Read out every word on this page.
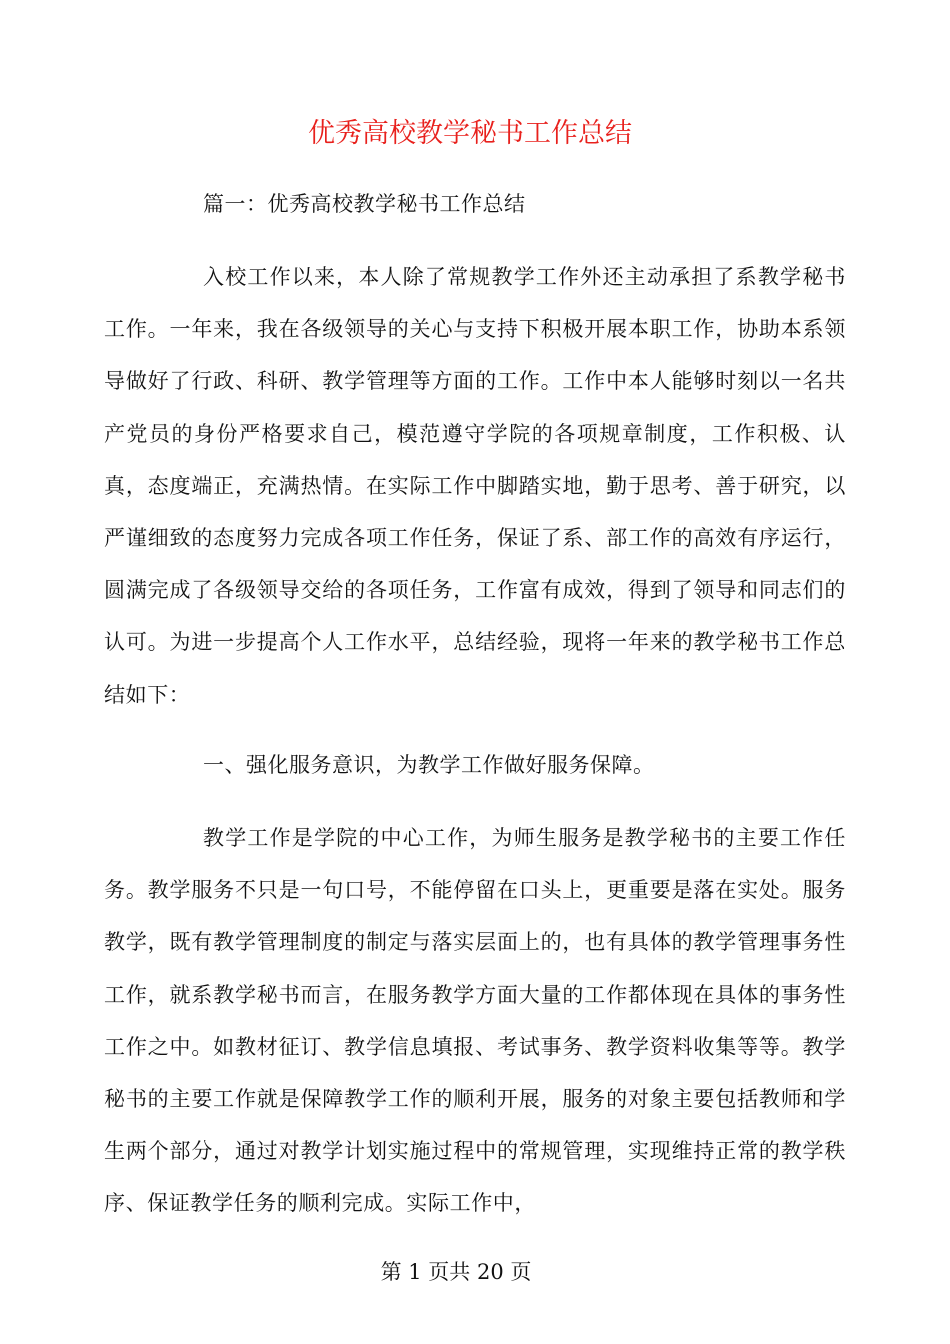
优秀高校教学秘书工作总结
篇一：优秀高校教学秘书工作总结
入校工作以来，本人除了常规教学工作外还主动承担了系教学秘书工作。一年来，我在各级领导的关心与支持下积极开展本职工作，协助本系领导做好了行政、科研、教学管理等方面的工作。工作中本人能够时刻以一名共产党员的身份严格要求自己，模范遵守学院的各项规章制度，工作积极、认真，态度端正，充满热情。在实际工作中脚踏实地，勤于思考、善于研究，以严谨细致的态度努力完成各项工作任务，保证了系、部工作的高效有序运行，圆满完成了各级领导交给的各项任务，工作富有成效，得到了领导和同志们的认可。为进一步提高个人工作水平，总结经验，现将一年来的教学秘书工作总结如下：
一、强化服务意识，为教学工作做好服务保障。
教学工作是学院的中心工作，为师生服务是教学秘书的主要工作任务。教学服务不只是一句口号，不能停留在口头上，更重要是落在实处。服务教学，既有教学管理制度的制定与落实层面上的，也有具体的教学管理事务性工作，就系教学秘书而言，在服务教学方面大量的工作都体现在具体的事务性工作之中。如教材征订、教学信息填报、考试事务、教学资料收集等等。教学秘书的主要工作就是保障教学工作的顺利开展，服务的对象主要包括教师和学生两个部分，通过对教学计划实施过程中的常规管理，实现维持正常的教学秩序、保证教学任务的顺利完成。实际工作中，
第 1 页共 20 页
